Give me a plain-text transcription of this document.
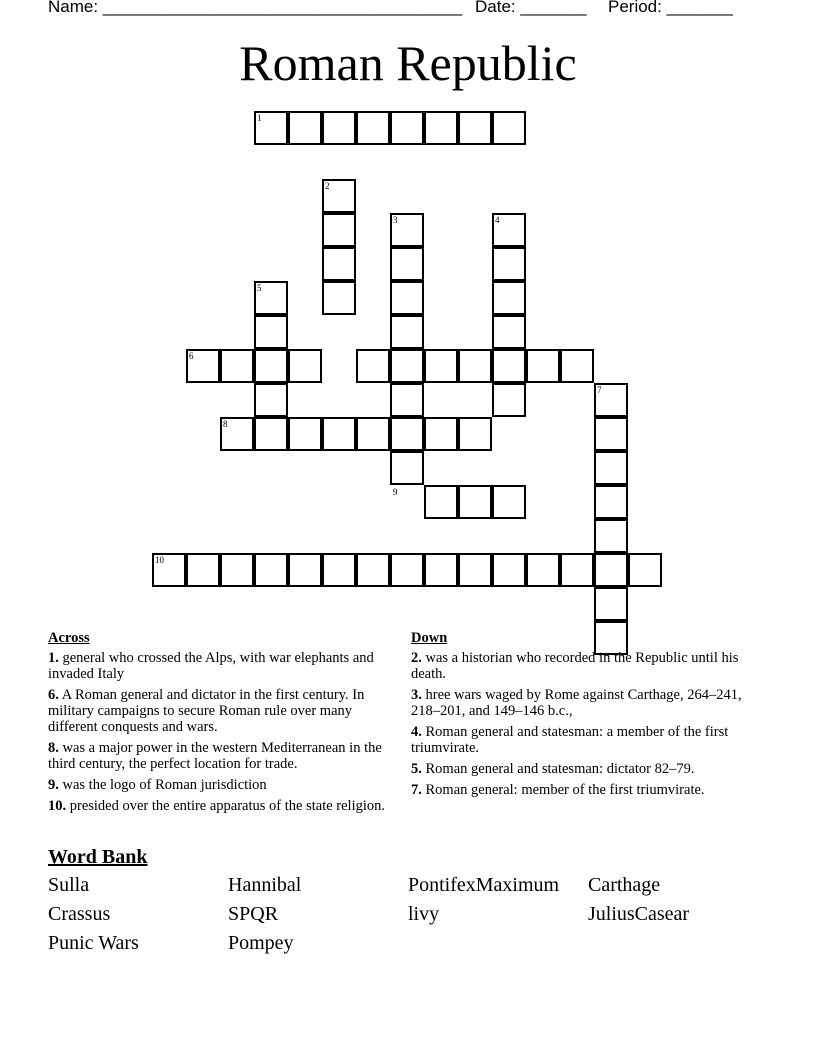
Name: ______________________________________ Date: _______ Period: _______
Roman Republic
1
2
3	4
5
6
7
8
9
10
Across
1. general who crossed the Alps, with war elephants and invaded Italy
6. A Roman general and dictator in the first century. In military campaigns to secure Roman rule over many different conquests and wars.
8. was a major power in the western Mediterranean in the third century, the perfect location for trade.
9. was the logo of Roman jurisdiction
10. presided over the entire apparatus of the state religion.
Down
2. was a historian who recorded in the Republic until his death.
3. hree wars waged by Rome against Carthage, 264–241, 218–201, and 149–146 b.c.,
4. Roman general and statesman: a member of the first triumvirate.
5. Roman general and statesman: dictator 82–79.
7. Roman general: member of the first triumvirate.
Word Bank
Sulla	Hannibal	PontifexMaximum Carthage
Crassus	SPQR	livy	JuliusCasear
Punic Wars	Pompey
